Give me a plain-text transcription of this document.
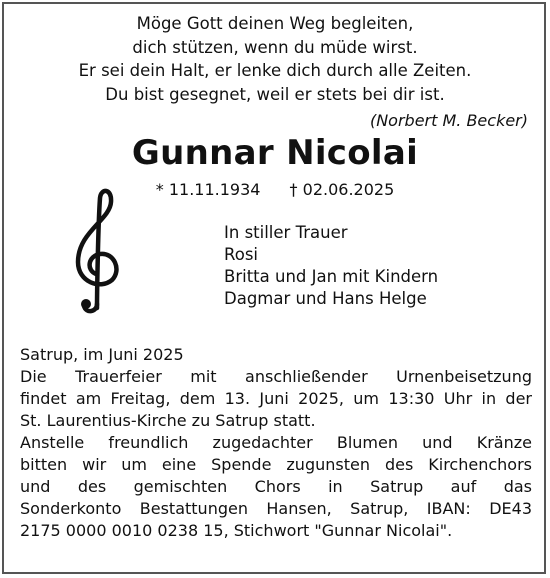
Möge Gott deinen Weg begleiten,
dich stützen, wenn du müde wirst.
Er sei dein Halt, er lenke dich durch alle Zeiten.
Du bist gesegnet, weil er stets bei dir ist.
(Norbert M. Becker)
Gunnar Nicolai
* 11.11.1934 † 02.06.2025
In stiller Trauer
Rosi
Britta und Jan mit Kindern
Dagmar und Hans Helge

Satrup, im Juni 2025

Die Trauerfeier mit anschließender Urnenbeisetzung

findet am Freitag, dem 13. Juni 2025, um 13:30 Uhr in der

St. Laurentius-Kirche zu Satrup statt.

Anstelle freundlich zugedachter Blumen und Kränze

bitten wir um eine Spende zugunsten des Kirchenchors

und des gemischten Chors in Satrup auf das

Sonderkonto Bestattungen Hansen, Satrup, IBAN: DE43

2175 0000 0010 0238 15, Stichwort "Gunnar Nicolai".
